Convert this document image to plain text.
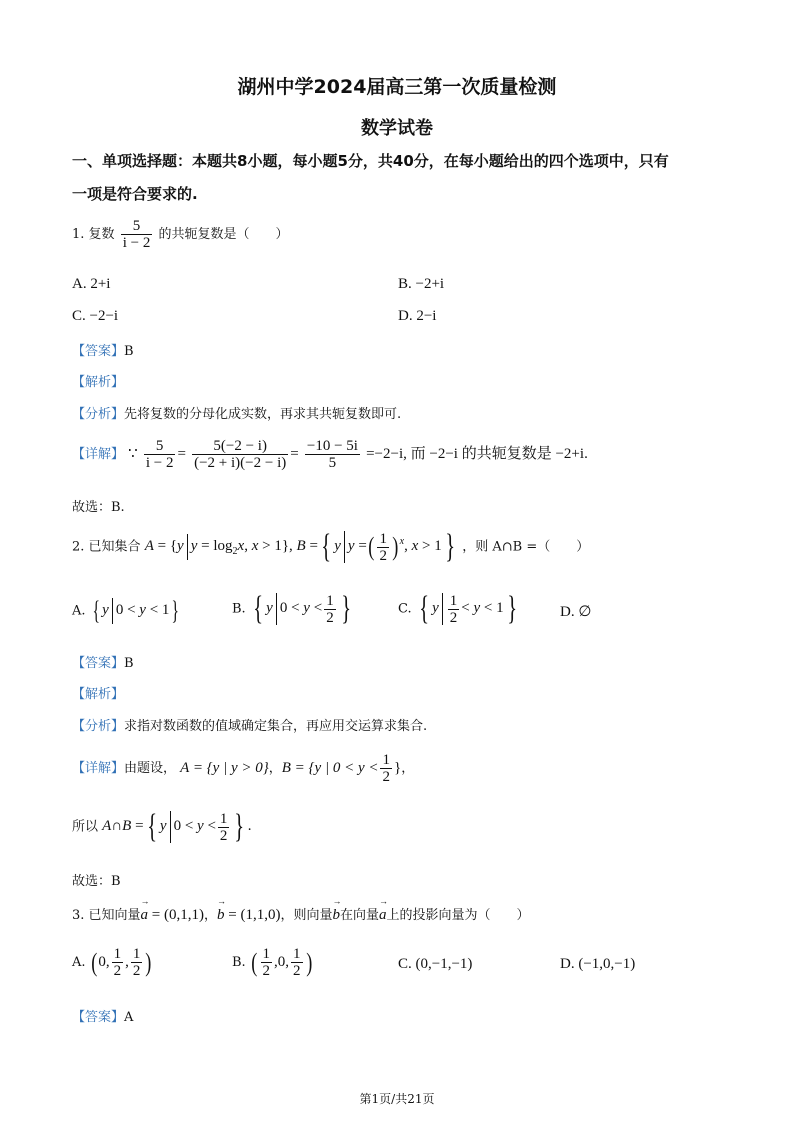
湖州中学2024届高三第一次质量检测
数学试卷
一、单项选择题：本题共8小题，每小题5分，共40分，在每小题给出的四个选项中，只有
一项是符合要求的.
1. 复数 $\frac{5}{i - 2}$ 的共轭复数是（　　）
A. 2+i	B. −2+i
C. −2−i	D. 2−i
【答案】B
【解析】
【分析】先将复数的分母化成实数，再求其共轭复数即可.
【详解】 ∵ $\frac{5}{i - 2} = \frac{5(-2 - i)}{(-2 + i)(-2 - i)} = \frac{-10 - 5i}{5} =-2-i$, 而 −2−i 的共轭复数是 −2+i.
故选：B.
2. 已知集合 A = {y $y = \log_2x$, x > 1}, B ={ y y =( $\frac{1}{2} )^x$, x > 1} ，则 A∩B =（　　）
A. { y 0 < y < 1}	B. { y $0 < y < \frac{1}{2}$ }	C. { y $\frac{1}{2} < y < 1$}	D. ∅
【答案】B
【解析】
【分析】求指对数函数的值域确定集合，再应用交运算求集合.
【详解】由题设， A = {y | y > 0}，B = {y | $0 < y < \frac{1}{2}$ }，
所以 A∩B ={ y $0 < y < \frac{1}{2}$ } .
故选：B
3. 已知向量→ a = (0,1,1)，→ b = (1,1,0)，则向量→ b在向量→ a上的投影向量为（　　）
A. (0, $\frac{1}{2}$ , $\frac{1}{2}$ )	B. ( $\frac{1}{2} ,0$, $\frac{1}{2}$ )	C. (0,−1,−1)	D. (−1,0,−1)
【答案】A
第1页/共21页
